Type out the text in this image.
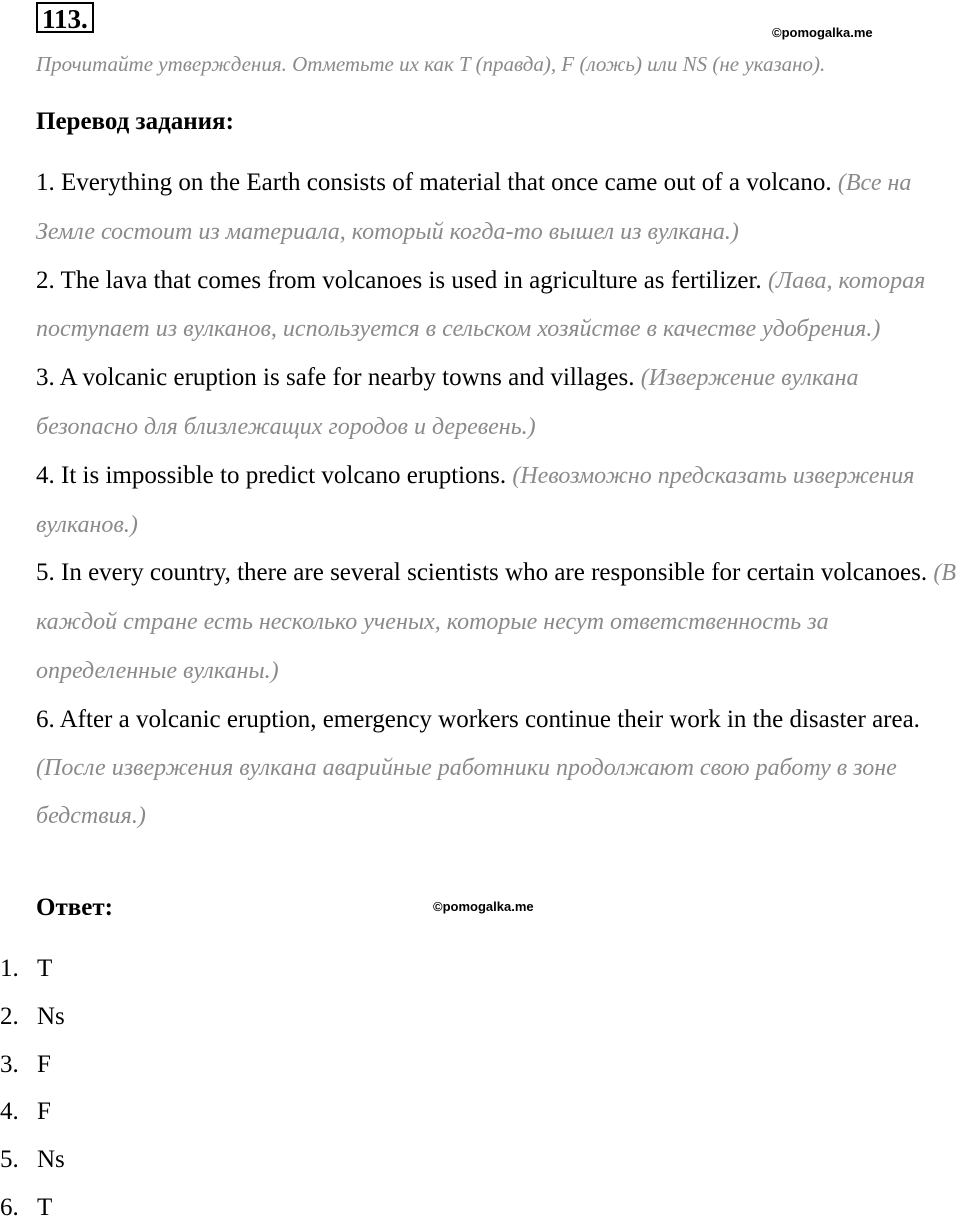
113.	©pomogalka.me
Прочитайте утверждения. Отметьте их как T (правда), F (ложь) или NS (не указано).
Перевод задания:

1. Everything on the Earth consists of material that once came out of a volcano. (Все на Земле состоит из материала, который когда-то вышел из вулкана.)

2. The lava that comes from volcanoes is used in agriculture as fertilizer. (Лава, которая поступает из вулканов, используется в сельском хозяйстве в качестве удобрения.)

3. A volcanic eruption is safe for nearby towns and villages. (Извержение вулкана безопасно для близлежащих городов и деревень.)

4. It is impossible to predict volcano eruptions. (Невозможно предсказать извержения вулканов.)

5. In every country, there are several scientists who are responsible for certain volcanoes. (В каждой стране есть несколько ученых, которые несут ответственность за определенные вулканы.)

6. After a volcanic eruption, emergency workers continue their work in the disaster area. (После извержения вулкана аварийные работники продолжают свою работу в зоне бедствия.)

Ответ:	©pomogalka.me
1. T
2. Ns
3. F
4. F
5. Ns
6. T
